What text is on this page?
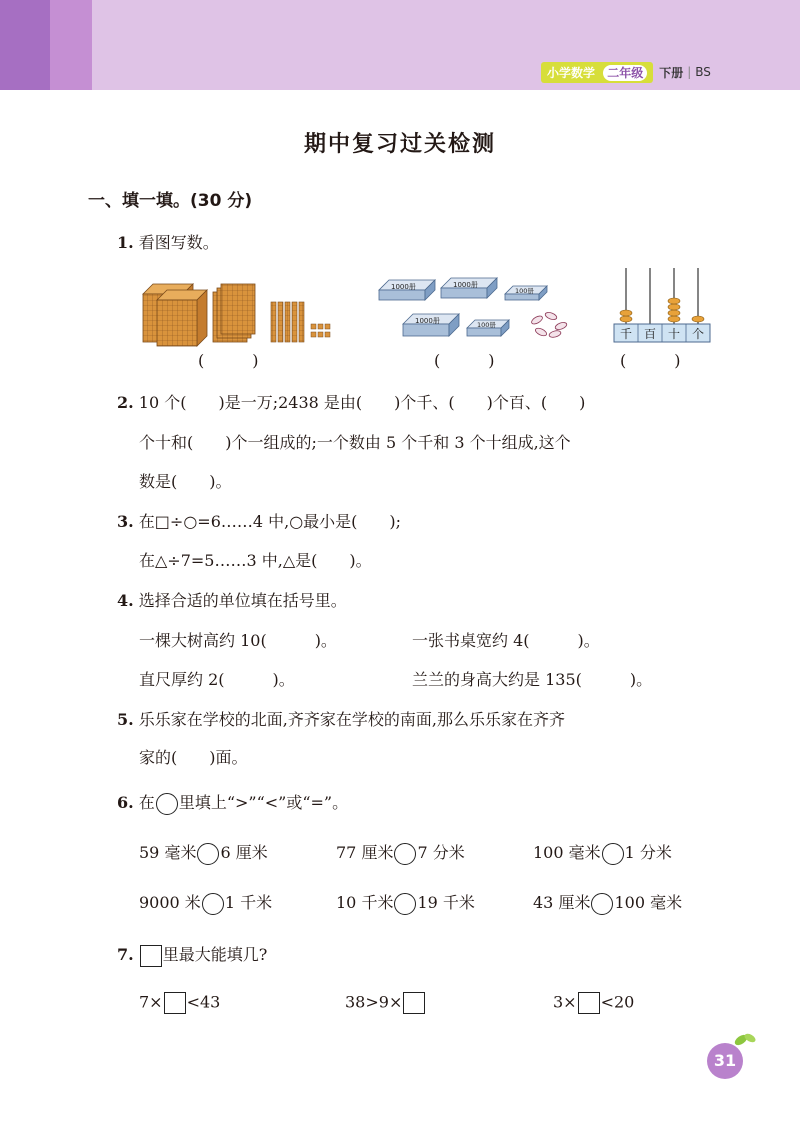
小学数学 二年级	下册 | BS
期中复习过关检测
一、填一填。(30 分)
1. 看图写数。
(　　　)
1000册	1000册
100册
1000册	100册
(　　　)
千 百 十 个
(　　　)
2. 10 个(　　)是一万;2438 是由(　　)个千、(　　)个百、(　　)
个十和(　　)个一组成的;一个数由 5 个千和 3 个十组成,这个
数是(　　)。
3. 在□÷○=6……4 中,○最小是(　　);
在△÷7=5……3 中,△是(　　)。
4. 选择合适的单位填在括号里。
一棵大树高约 10(　　　)。	一张书桌宽约 4(　　　)。
直尺厚约 2(　　　)。	兰兰的身高大约是 135(　　　)。
5. 乐乐家在学校的北面,齐齐家在学校的南面,那么乐乐家在齐齐
家的(　　)面。
6. 在 里填上“>”“<”或“=”。
59 毫米 6 厘米	77 厘米 7 分米	100 毫米 1 分米
9000 米 1 千米	10 千米 19 千米	43 厘米 100 毫米
7. 里最大能填几?
7× <43	38>9×	3× <20
31
